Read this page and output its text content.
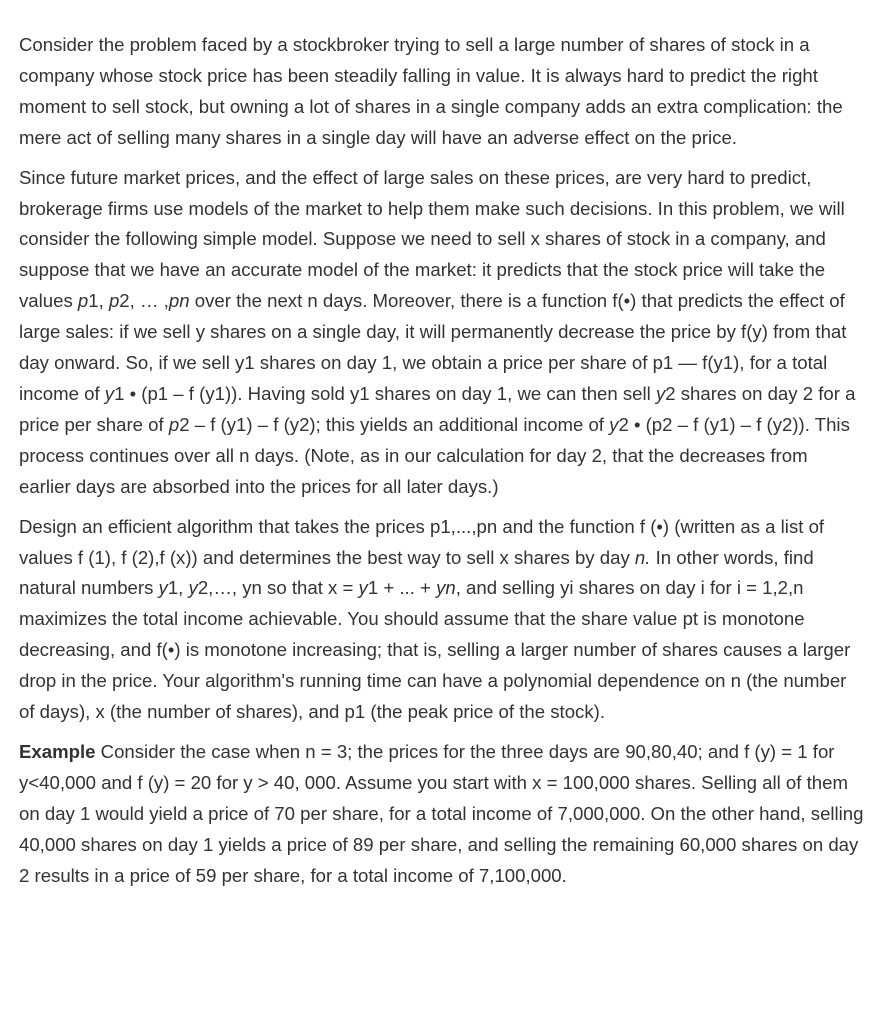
Consider the problem faced by a stockbroker trying to sell a large number of shares of stock in a company whose stock price has been steadily falling in value. It is always hard to predict the right moment to sell stock, but owning a lot of shares in a single company adds an extra complication: the mere act of selling many shares in a single day will have an adverse effect on the price.

Since future market prices, and the effect of large sales on these prices, are very hard to predict, brokerage firms use models of the market to help them make such decisions. In this problem, we will consider the following simple model. Suppose we need to sell x shares of stock in a company, and suppose that we have an accurate model of the market: it predicts that the stock price will take the values p1, p2, … ,pn over the next n days. Moreover, there is a function f(•) that predicts the effect of large sales: if we sell y shares on a single day, it will permanently decrease the price by f(y) from that day onward. So, if we sell y1 shares on day 1, we obtain a price per share of p1 — f(y1), for a total income of y1 • (p1 – f (y1)). Having sold y1 shares on day 1, we can then sell y2 shares on day 2 for a price per share of p2 – f (y1) – f (y2); this yields an additional income of y2 • (p2 – f (y1) – f (y2)). This process continues over all n days. (Note, as in our calculation for day 2, that the decreases from earlier days are absorbed into the prices for all later days.)

Design an efficient algorithm that takes the prices p1,...,pn and the function f (•) (written as a list of values f (1), f (2),f (x)) and determines the best way to sell x shares by day n. In other words, find natural numbers y1, y2,…, yn so that x = y1 + ... + yn, and selling yi shares on day i for i = 1,2,n maximizes the total income achievable. You should assume that the share value pt is monotone decreasing, and f(•) is monotone increasing; that is, selling a larger number of shares causes a larger drop in the price. Your algorithm's running time can have a polynomial dependence on n (the number of days), x (the number of shares), and p1 (the peak price of the stock).

Example Consider the case when n = 3; the prices for the three days are 90,80,40; and f (y) = 1 for y<40,000 and f (y) = 20 for y > 40, 000. Assume you start with x = 100,000 shares. Selling all of them on day 1 would yield a price of 70 per share, for a total income of 7,000,000. On the other hand, selling 40,000 shares on day 1 yields a price of 89 per share, and selling the remaining 60,000 shares on day 2 results in a price of 59 per share, for a total income of 7,100,000.
